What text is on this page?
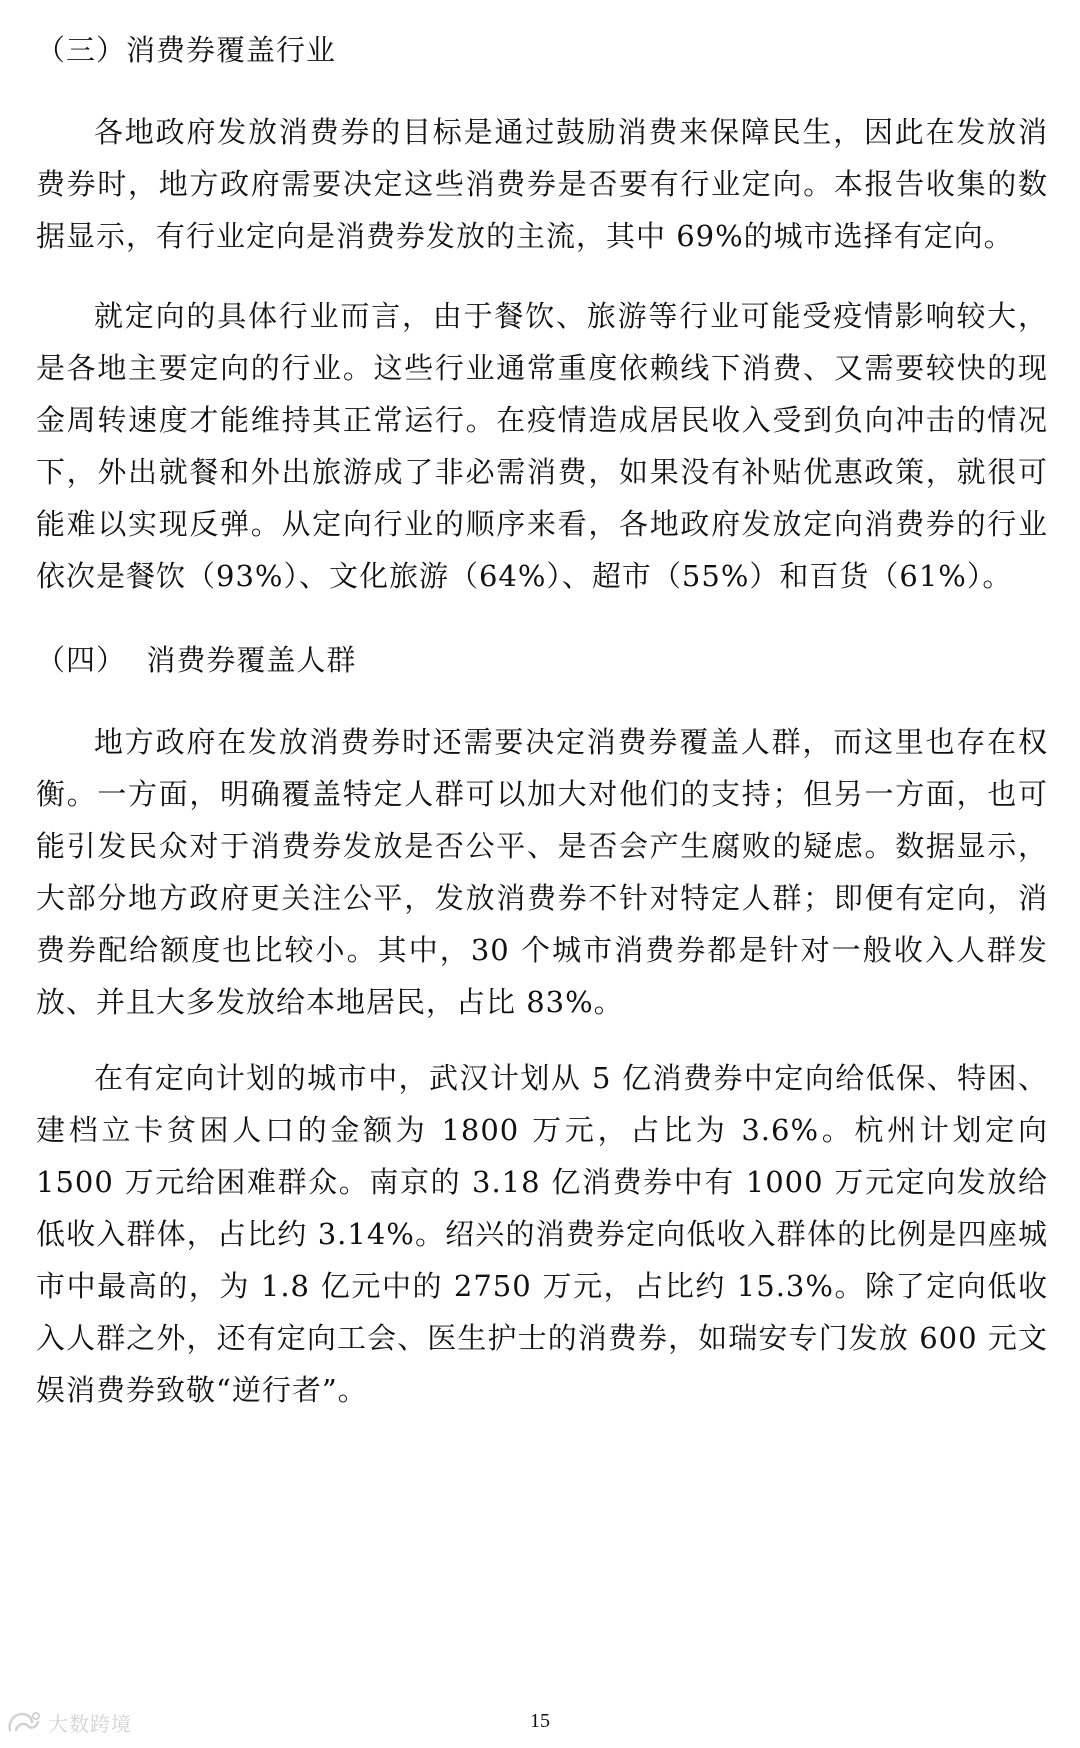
（三）消费券覆盖行业

各地政府发放消费券的目标是通过鼓励消费来保障民生，因此在发放消费券时，地方政府需要决定这些消费券是否要有行业定向。本报告收集的数据显示，有行业定向是消费券发放的主流，其中 69%的城市选择有定向。

就定向的具体行业而言，由于餐饮、旅游等行业可能受疫情影响较大，是各地主要定向的行业。这些行业通常重度依赖线下消费、又需要较快的现金周转速度才能维持其正常运行。在疫情造成居民收入受到负向冲击的情况下，外出就餐和外出旅游成了非必需消费，如果没有补贴优惠政策，就很可能难以实现反弹。从定向行业的顺序来看，各地政府发放定向消费券的行业依次是餐饮（93%）、文化旅游（64%）、超市（55%）和百货（61%）。

（四）  消费券覆盖人群

地方政府在发放消费券时还需要决定消费券覆盖人群，而这里也存在权衡。一方面，明确覆盖特定人群可以加大对他们的支持；但另一方面，也可能引发民众对于消费券发放是否公平、是否会产生腐败的疑虑。数据显示，大部分地方政府更关注公平，发放消费券不针对特定人群；即便有定向，消费券配给额度也比较小。其中，30 个城市消费券都是针对一般收入人群发放、并且大多发放给本地居民，占比 83%。

在有定向计划的城市中，武汉计划从 5 亿消费券中定向给低保、特困、建档立卡贫困人口的金额为 1800 万元，占比为 3.6%。杭州计划定向 1500 万元给困难群众。南京的 3.18 亿消费券中有 1000 万元定向发放给低收入群体，占比约 3.14%。绍兴的消费券定向低收入群体的比例是四座城市中最高的，为 1.8 亿元中的 2750 万元，占比约 15.3%。除了定向低收入人群之外，还有定向工会、医生护士的消费券，如瑞安专门发放 600 元文娱消费券致敬“逆行者”。

大数跨境	15
